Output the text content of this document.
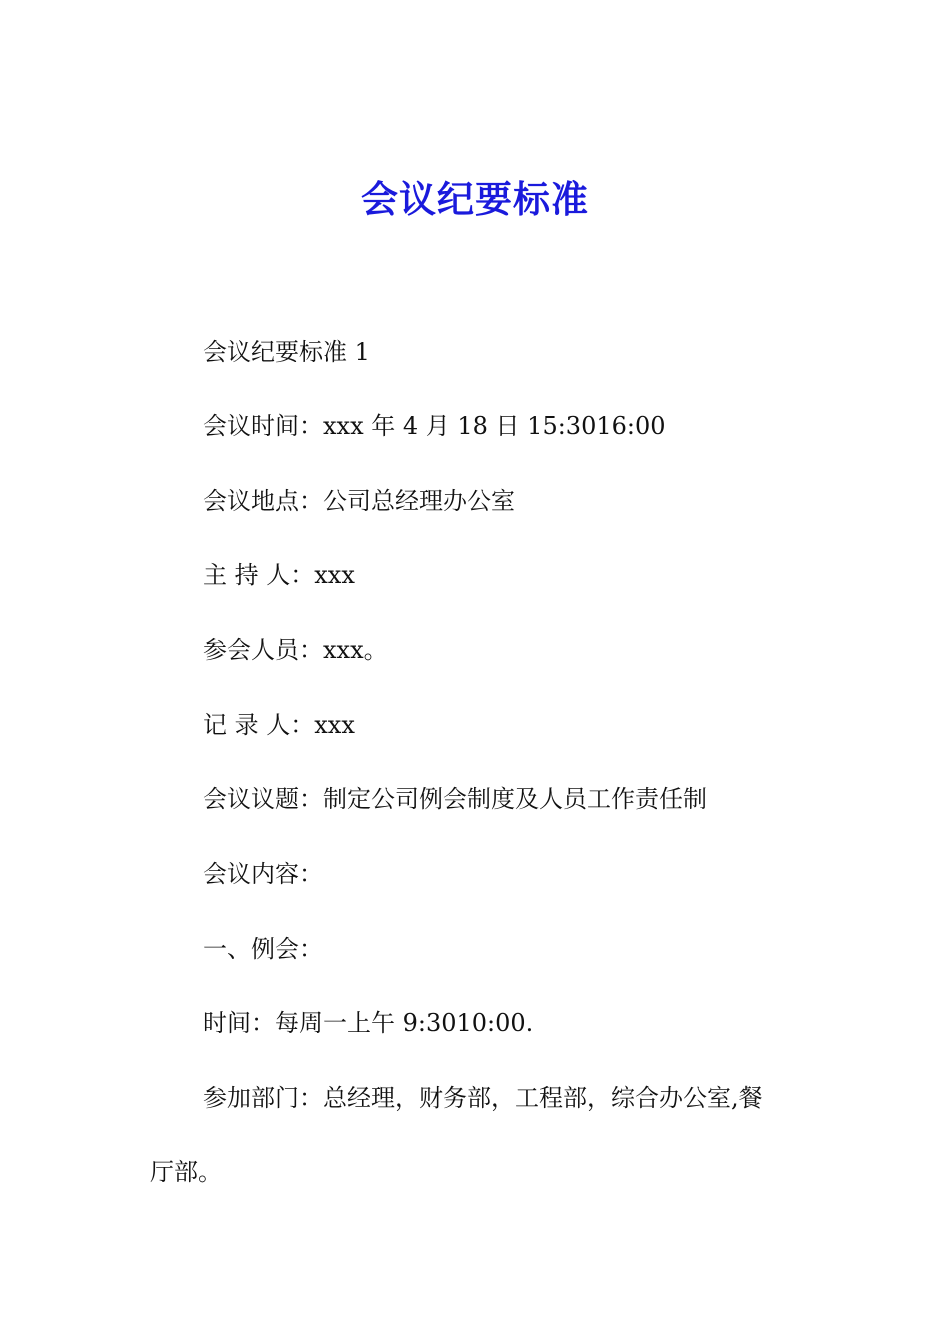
会议纪要标准
会议纪要标准 1
会议时间：xxx 年 4 月 18 日 15:3016:00
会议地点：公司总经理办公室
主 持 人：xxx
参会人员：xxx。
记 录 人：xxx
会议议题：制定公司例会制度及人员工作责任制
会议内容：
一、例会：
时间：每周一上午 9:3010:00.
参加部门：总经理，财务部，工程部，综合办公室,餐
厅部。
